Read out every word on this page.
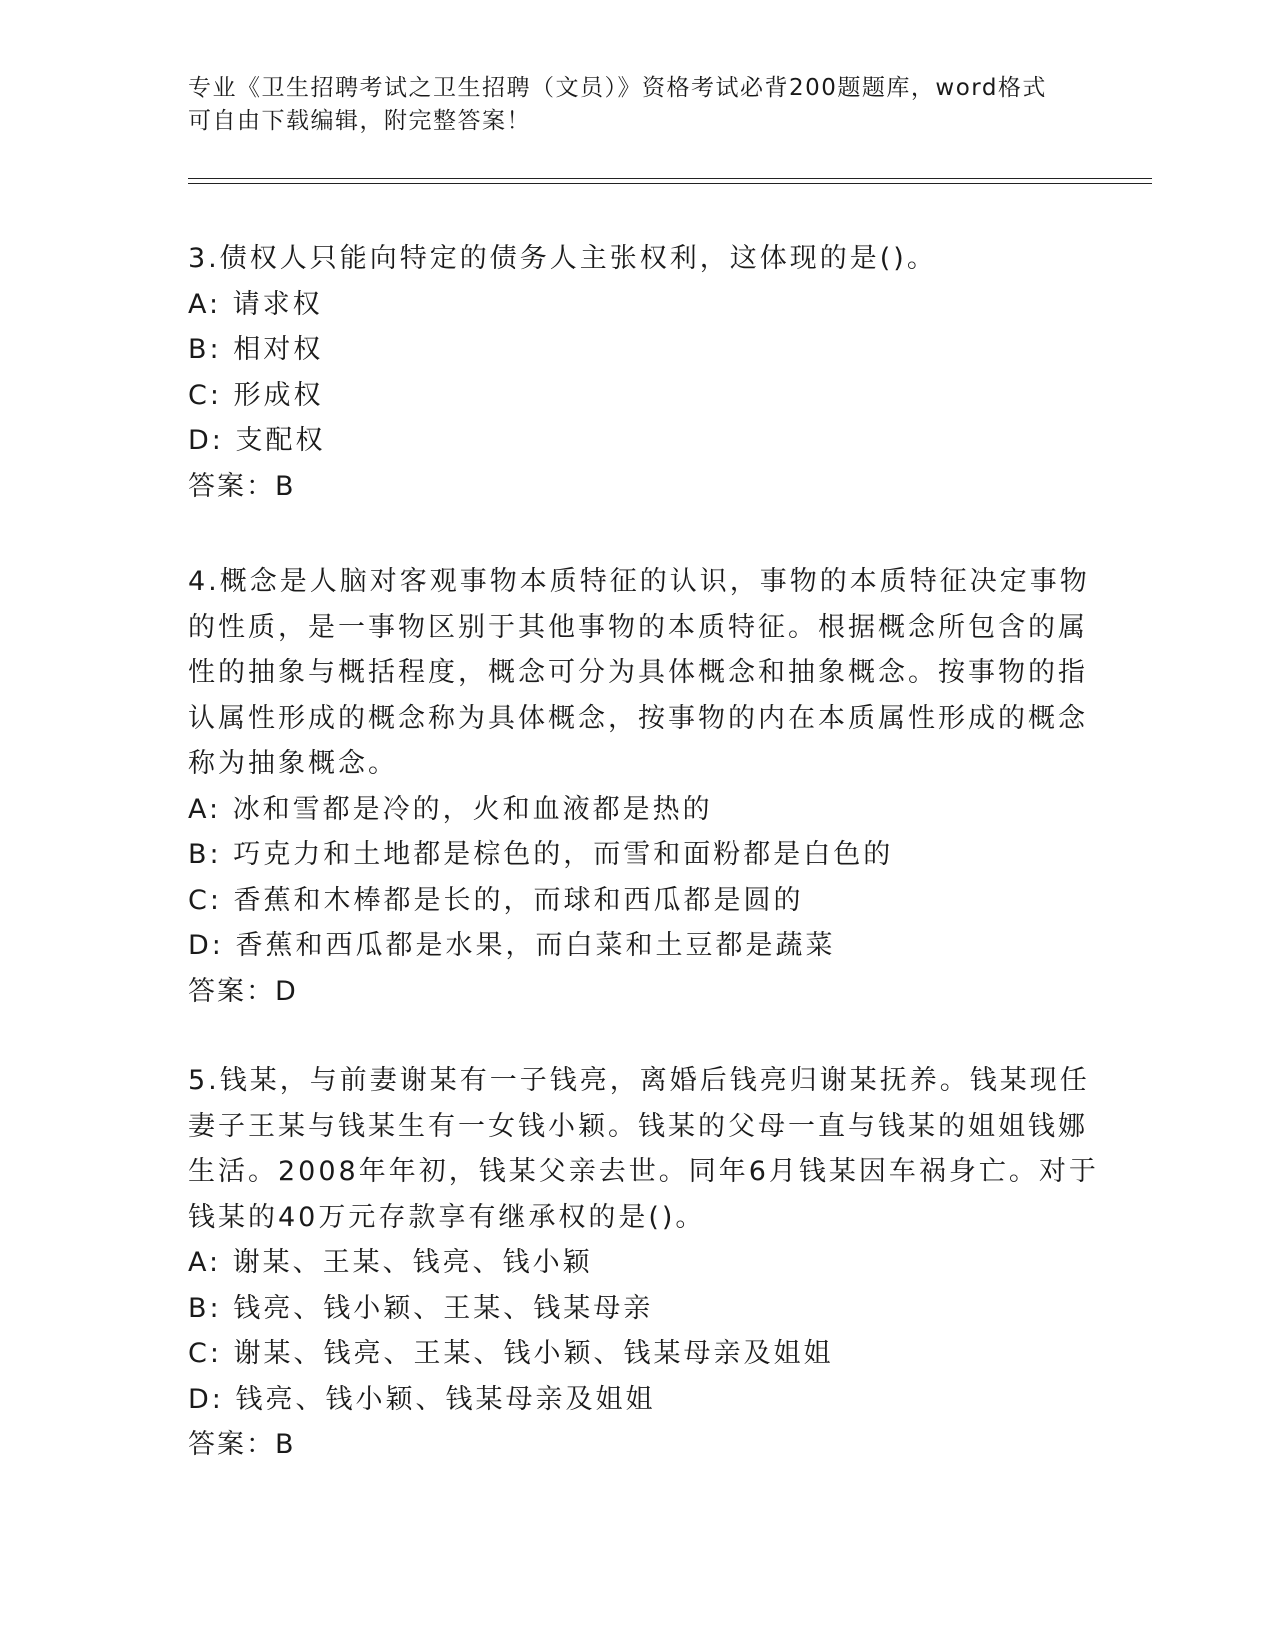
专业《卫生招聘考试之卫生招聘（文员）》资格考试必背200题题库，word格式
可自由下载编辑，附完整答案！
3.债权人只能向特定的债务人主张权利，这体现的是()。
A: 请求权
B: 相对权
C: 形成权
D: 支配权
答案：B
4.概念是人脑对客观事物本质特征的认识，事物的本质特征决定事物
的性质，是一事物区别于其他事物的本质特征。根据概念所包含的属
性的抽象与概括程度，概念可分为具体概念和抽象概念。按事物的指
认属性形成的概念称为具体概念，按事物的内在本质属性形成的概念
称为抽象概念。
A: 冰和雪都是冷的，火和血液都是热的
B: 巧克力和土地都是棕色的，而雪和面粉都是白色的
C: 香蕉和木棒都是长的，而球和西瓜都是圆的
D: 香蕉和西瓜都是水果，而白菜和土豆都是蔬菜
答案：D
5.钱某，与前妻谢某有一子钱亮，离婚后钱亮归谢某抚养。钱某现任
妻子王某与钱某生有一女钱小颖。钱某的父母一直与钱某的姐姐钱娜
生活。2008年年初，钱某父亲去世。同年6月钱某因车祸身亡。对于
钱某的40万元存款享有继承权的是()。
A: 谢某、王某、钱亮、钱小颖
B: 钱亮、钱小颖、王某、钱某母亲
C: 谢某、钱亮、王某、钱小颖、钱某母亲及姐姐
D: 钱亮、钱小颖、钱某母亲及姐姐
答案：B
